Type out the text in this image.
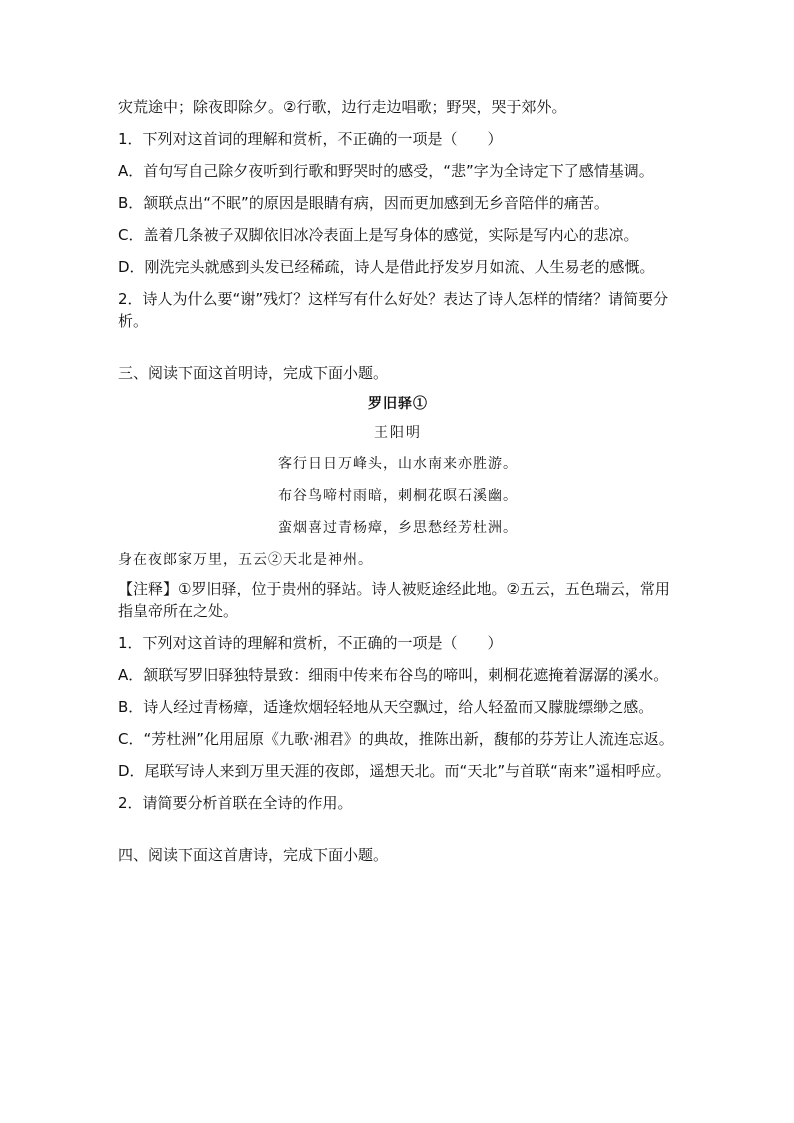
灾荒途中；除夜即除夕。②行歌，边行走边唱歌；野哭，哭于郊外。
1．下列对这首词的理解和赏析，不正确的一项是（　　）
A．首句写自己除夕夜听到行歌和野哭时的感受，“悲”字为全诗定下了感情基调。
B．颔联点出“不眠”的原因是眼睛有病，因而更加感到无乡音陪伴的痛苦。
C．盖着几条被子双脚依旧冰冷表面上是写身体的感觉，实际是写内心的悲凉。
D．刚洗完头就感到头发已经稀疏，诗人是借此抒发岁月如流、人生易老的感慨。
2．诗人为什么要“谢”残灯？这样写有什么好处？表达了诗人怎样的情绪？请简要分析。
三、阅读下面这首明诗，完成下面小题。
罗旧驿①
王阳明
客行日日万峰头，山水南来亦胜游。
布谷鸟啼村雨暗，刺桐花暝石溪幽。
蛮烟喜过青杨瘴，乡思愁经芳杜洲。
身在夜郎家万里，五云②天北是神州。
【注释】①罗旧驿，位于贵州的驿站。诗人被贬途经此地。②五云，五色瑞云，常用指皇帝所在之处。
1．下列对这首诗的理解和赏析，不正确的一项是（　　）
A．颔联写罗旧驿独特景致：细雨中传来布谷鸟的啼叫，刺桐花遮掩着潺潺的溪水。
B．诗人经过青杨瘴，适逢炊烟轻轻地从天空飘过，给人轻盈而又朦胧缥缈之感。
C．“芳杜洲”化用屈原《九歌·湘君》的典故，推陈出新，馥郁的芬芳让人流连忘返。
D．尾联写诗人来到万里天涯的夜郎，遥想天北。而“天北”与首联“南来”遥相呼应。
2．请简要分析首联在全诗的作用。
四、阅读下面这首唐诗，完成下面小题。
